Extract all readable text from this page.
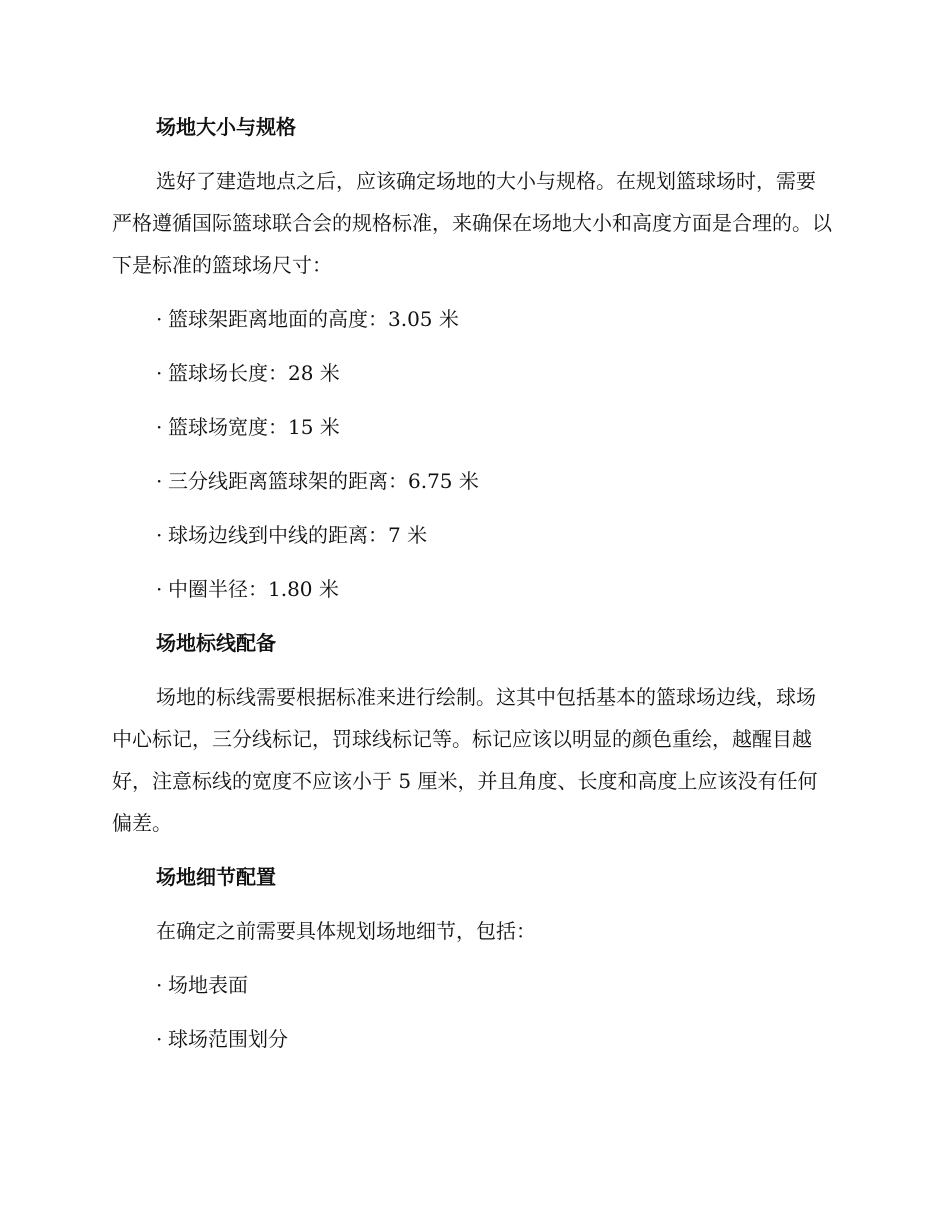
场地大小与规格
选好了建造地点之后，应该确定场地的大小与规格。在规划篮球场时，需要严格遵循国际篮球联合会的规格标准，来确保在场地大小和高度方面是合理的。以下是标准的篮球场尺寸：
· 篮球架距离地面的高度：3.05 米
· 篮球场长度：28 米
· 篮球场宽度：15 米
· 三分线距离篮球架的距离：6.75 米
· 球场边线到中线的距离：7 米
· 中圈半径：1.80 米
场地标线配备
场地的标线需要根据标准来进行绘制。这其中包括基本的篮球场边线，球场中心标记，三分线标记，罚球线标记等。标记应该以明显的颜色重绘，越醒目越好，注意标线的宽度不应该小于 5 厘米，并且角度、长度和高度上应该没有任何偏差。
场地细节配置
在确定之前需要具体规划场地细节，包括：
· 场地表面
· 球场范围划分
